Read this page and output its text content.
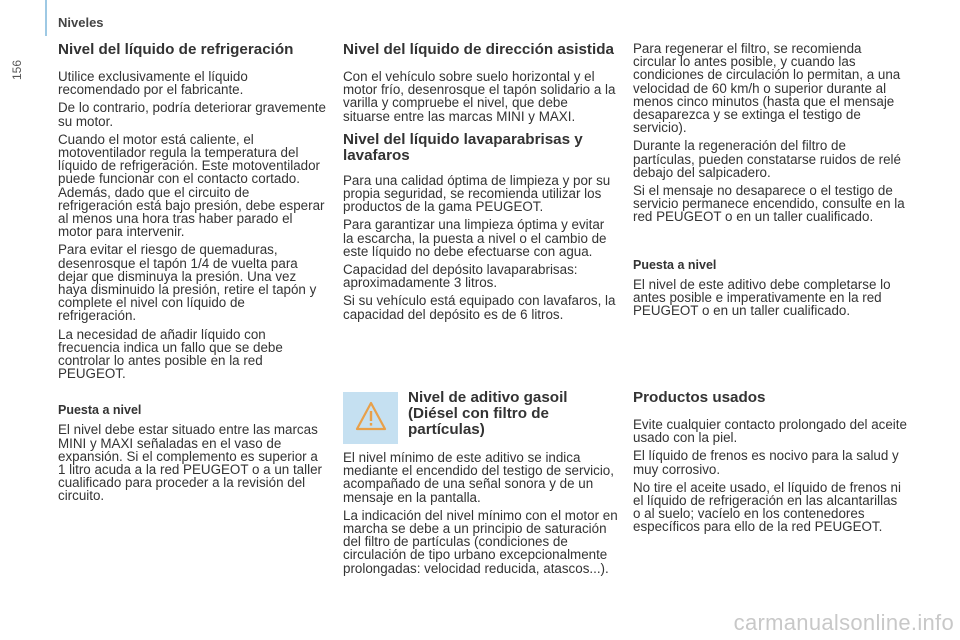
Niveles
156
Nivel del líquido de refrigeración

Utilice exclusivamente el líquido recomendado por el fabricante.

De lo contrario, podría deteriorar gravemente su motor.

Cuando el motor está caliente, el motoventilador regula la temperatura del líquido de refrigeración. Este motoventilador puede funcionar con el contacto cortado. Además, dado que el circuito de refrigeración está bajo presión, debe esperar al menos una hora tras haber parado el motor para intervenir.

Para evitar el riesgo de quemaduras, desenrosque el tapón 1/4 de vuelta para dejar que disminuya la presión. Una vez haya disminuido la presión, retire el tapón y complete el nivel con líquido de refrigeración.

La necesidad de añadir líquido con frecuencia indica un fallo que se debe controlar lo antes posible en la red PEUGEOT.

Puesta a nivel

El nivel debe estar situado entre las marcas MINI y MAXI señaladas en el vaso de expansión. Si el complemento es superior a 1 litro acuda a la red PEUGEOT o a un taller cualificado para proceder a la revisión del circuito.

Nivel del líquido de dirección asistida

Con el vehículo sobre suelo horizontal y el motor frío, desenrosque el tapón solidario a la varilla y compruebe el nivel, que debe situarse entre las marcas MINI y MAXI.

Nivel del líquido lavaparabrisas y lavafaros

Para una calidad óptima de limpieza y por su propia seguridad, se recomienda utilizar los productos de la gama PEUGEOT.

Para garantizar una limpieza óptima y evitar la escarcha, la puesta a nivel o el cambio de este líquido no debe efectuarse con agua.

Capacidad del depósito lavaparabrisas: aproximadamente 3 litros.

Si su vehículo está equipado con lavafaros, la capacidad del depósito es de 6 litros.

Nivel de aditivo gasoil (Diésel con filtro de partículas)

El nivel mínimo de este aditivo se indica mediante el encendido del testigo de servicio, acompañado de una señal sonora y de un mensaje en la pantalla.

La indicación del nivel mínimo con el motor en marcha se debe a un principio de saturación del filtro de partículas (condiciones de circulación de tipo urbano excepcionalmente prolongadas: velocidad reducida, atascos...).

Para regenerar el filtro, se recomienda circular lo antes posible, y cuando las condiciones de circulación lo permitan, a una velocidad de 60 km/h o superior durante al menos cinco minutos (hasta que el mensaje desaparezca y se extinga el testigo de servicio).

Durante la regeneración del filtro de partículas, pueden constatarse ruidos de relé debajo del salpicadero.

Si el mensaje no desaparece o el testigo de servicio permanece encendido, consulte en la red PEUGEOT o en un taller cualificado.

Puesta a nivel

El nivel de este aditivo debe completarse lo antes posible e imperativamente en la red PEUGEOT o en un taller cualificado.

Productos usados

Evite cualquier contacto prolongado del aceite usado con la piel.

El líquido de frenos es nocivo para la salud y muy corrosivo.

No tire el aceite usado, el líquido de frenos ni el líquido de refrigeración en las alcantarillas o al suelo; vacíelo en los contenedores específicos para ello de la red PEUGEOT.

carmanualsonline.info
